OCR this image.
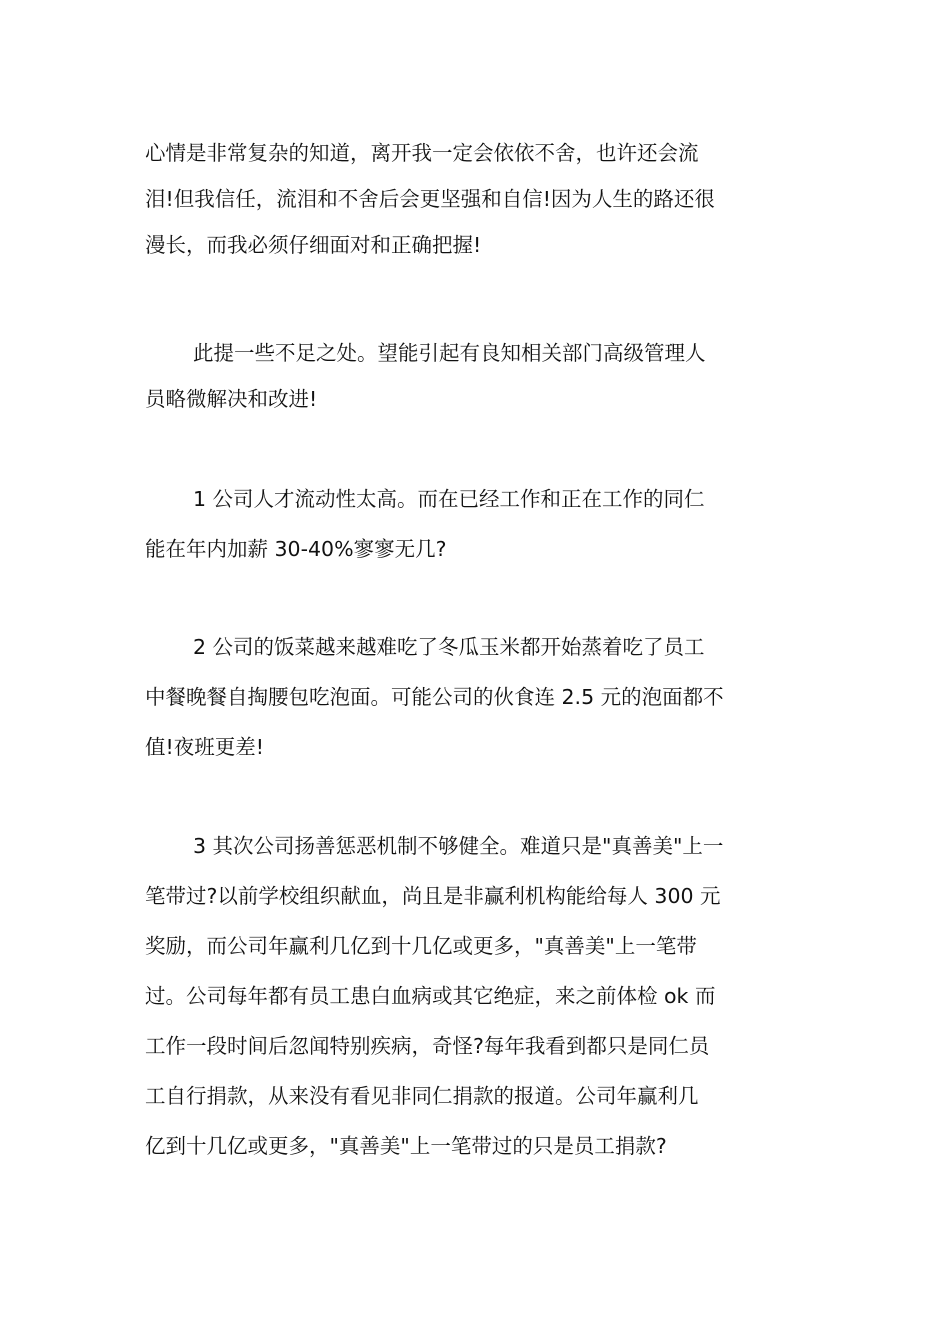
心情是非常复杂的知道，离开我一定会依依不舍，也许还会流
泪!但我信任，流泪和不舍后会更坚强和自信!因为人生的路还很
漫长，而我必须仔细面对和正确把握!
此提一些不足之处。望能引起有良知相关部门高级管理人
员略微解决和改进!
1 公司人才流动性太高。而在已经工作和正在工作的同仁
能在年内加薪 30-40%寥寥无几?
2 公司的饭菜越来越难吃了冬瓜玉米都开始蒸着吃了员工
中餐晚餐自掏腰包吃泡面。可能公司的伙食连 2.5 元的泡面都不
值!夜班更差!
3 其次公司扬善惩恶机制不够健全。难道只是"真善美"上一
笔带过?以前学校组织献血，尚且是非赢利机构能给每人 300 元
奖励，而公司年赢利几亿到十几亿或更多，"真善美"上一笔带
过。公司每年都有员工患白血病或其它绝症，来之前体检 ok 而
工作一段时间后忽闻特别疾病，奇怪?每年我看到都只是同仁员
工自行捐款，从来没有看见非同仁捐款的报道。公司年赢利几
亿到十几亿或更多，"真善美"上一笔带过的只是员工捐款?
